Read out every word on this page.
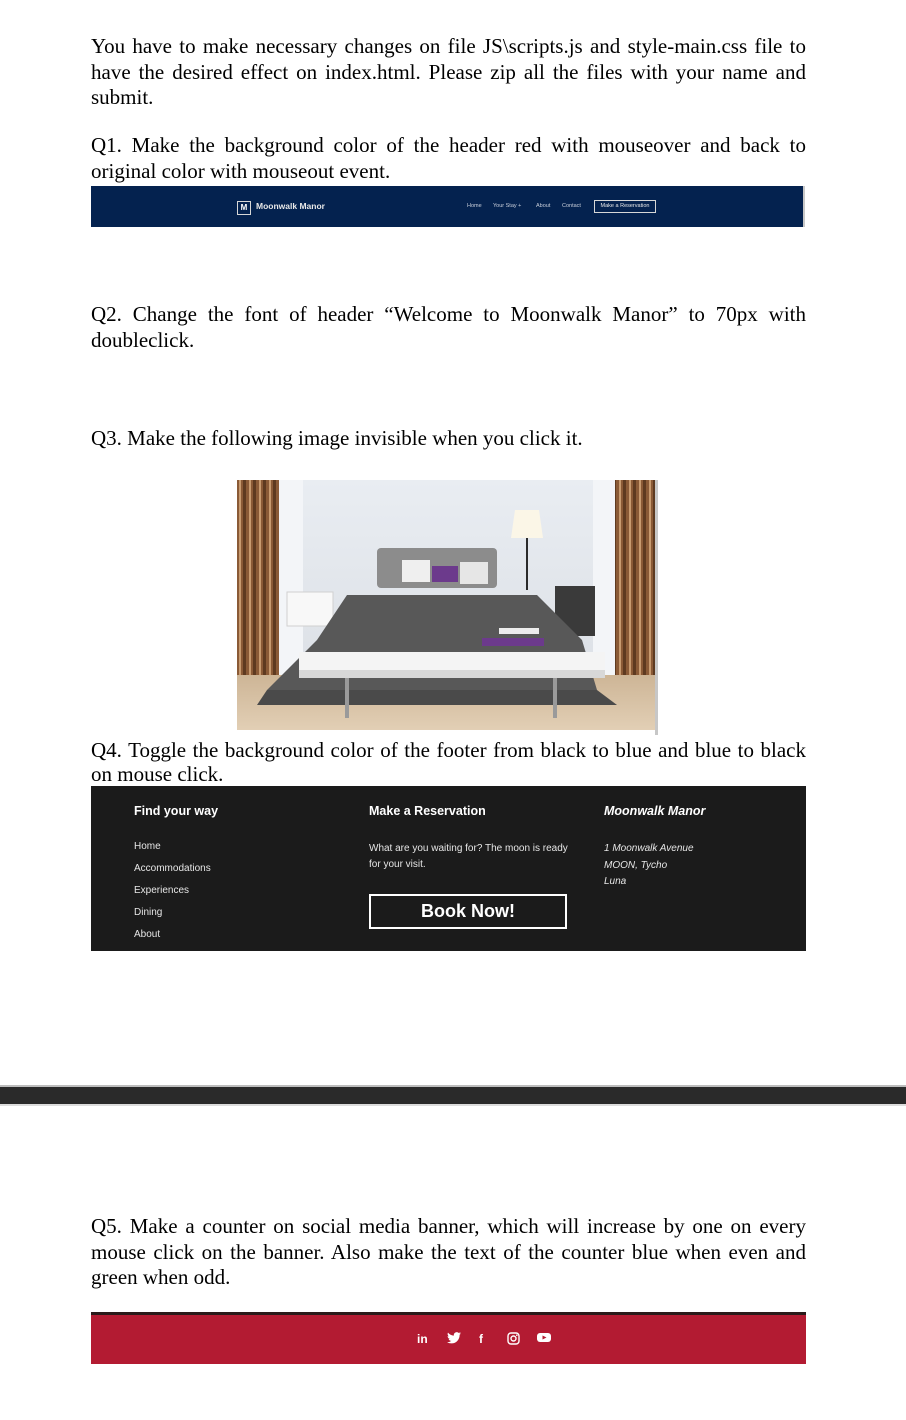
You have to make necessary changes on file JS\scripts.js and style-main.css file to have the desired effect on index.html. Please zip all the files with your name and submit.

Q1. Make the background color of the header red with mouseover and back to original color with mouseout event.

M	Moonwalk Manor	Home Your Stay +	About Contact	Make a Reservation

Q2. Change the font of header “Welcome to Moonwalk Manor” to 70px with doubleclick.

Q3. Make the following image invisible when you click it.

Q4. Toggle the background color of the footer from black to blue and blue to black on mouse click.

Find your way
Home
Accommodations
Experiences
Dining
About
Make a Reservation

What are you waiting for? The moon is ready for your visit.

Book Now!
Moonwalk Manor

1 Moonwalk Avenue
MOON, Tycho
Luna

Q5. Make a counter on social media banner, which will increase by one on every mouse click on the banner. Also make the text of the counter blue when even and green when odd.

in	f
